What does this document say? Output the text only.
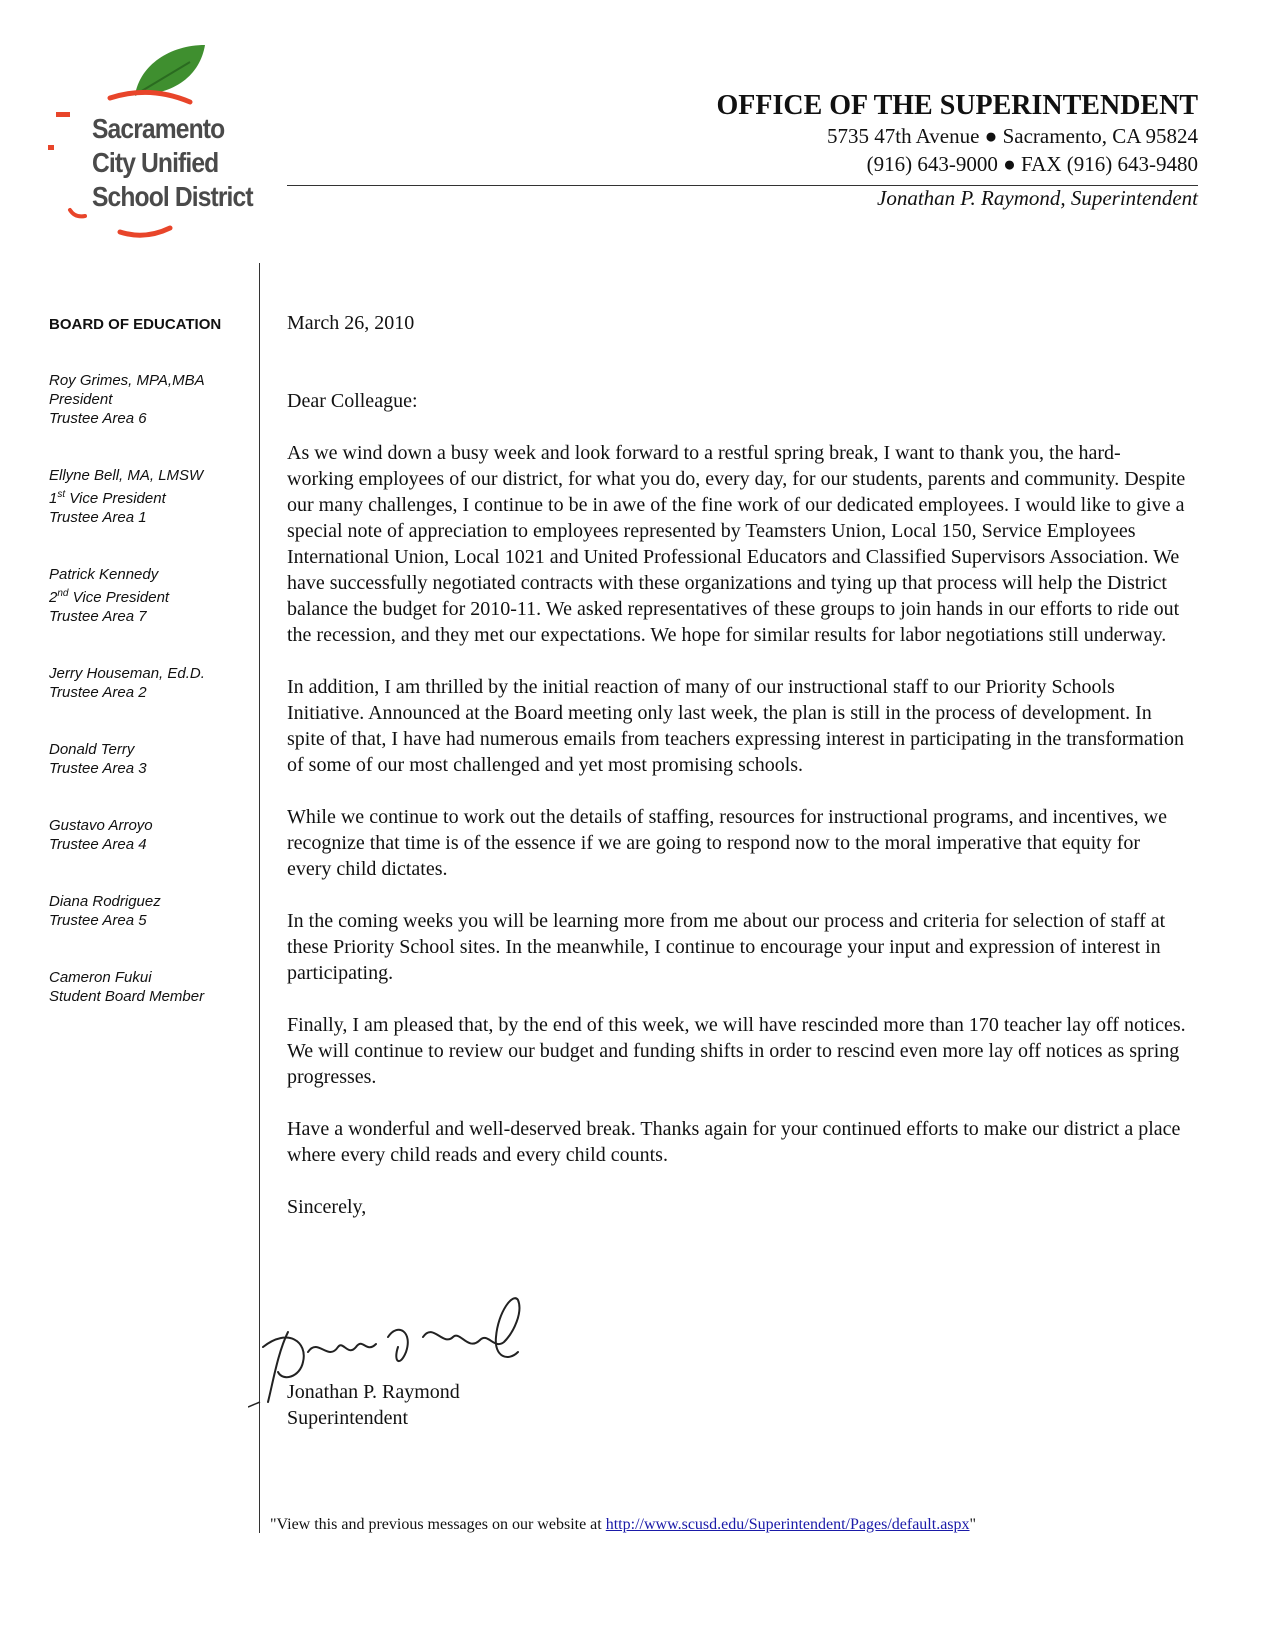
Sacramento
City Unified
School District
OFFICE OF THE SUPERINTENDENT
5735 47th Avenue ● Sacramento, CA 95824
(916) 643-9000 ● FAX (916) 643-9480
Jonathan P. Raymond, Superintendent
BOARD OF EDUCATION
Roy Grimes, MPA,MBA
President
Trustee Area 6
Ellyne Bell, MA, LMSW
1st Vice President
Trustee Area 1
Patrick Kennedy
2nd Vice President
Trustee Area 7
Jerry Houseman, Ed.D.
Trustee Area 2
Donald Terry
Trustee Area 3
Gustavo Arroyo
Trustee Area 4
Diana Rodriguez
Trustee Area 5
Cameron Fukui
Student Board Member

March 26, 2010

Dear Colleague:

As we wind down a busy week and look forward to a restful spring break, I want to thank you, the hard-working employees of our district, for what you do, every day, for our students, parents and community. Despite our many challenges, I continue to be in awe of the fine work of our dedicated employees. I would like to give a special note of appreciation to employees represented by Teamsters Union, Local 150, Service Employees International Union, Local 1021 and United Professional Educators and Classified Supervisors Association. We have successfully negotiated contracts with these organizations and tying up that process will help the District balance the budget for 2010-11. We asked representatives of these groups to join hands in our efforts to ride out the recession, and they met our expectations. We hope for similar results for labor negotiations still underway.

In addition, I am thrilled by the initial reaction of many of our instructional staff to our Priority Schools Initiative. Announced at the Board meeting only last week, the plan is still in the process of development. In spite of that, I have had numerous emails from teachers expressing interest in participating in the transformation of some of our most challenged and yet most promising schools.

While we continue to work out the details of staffing, resources for instructional programs, and incentives, we recognize that time is of the essence if we are going to respond now to the moral imperative that equity for every child dictates.

In the coming weeks you will be learning more from me about our process and criteria for selection of staff at these Priority School sites. In the meanwhile, I continue to encourage your input and expression of interest in participating.

Finally, I am pleased that, by the end of this week, we will have rescinded more than 170 teacher lay off notices. We will continue to review our budget and funding shifts in order to rescind even more lay off notices as spring progresses.

Have a wonderful and well-deserved break. Thanks again for your continued efforts to make our district a place where every child reads and every child counts.

Sincerely,

Jonathan P. Raymond
Superintendent
"View this and previous messages on our website at http://www.scusd.edu/Superintendent/Pages/default.aspx"
